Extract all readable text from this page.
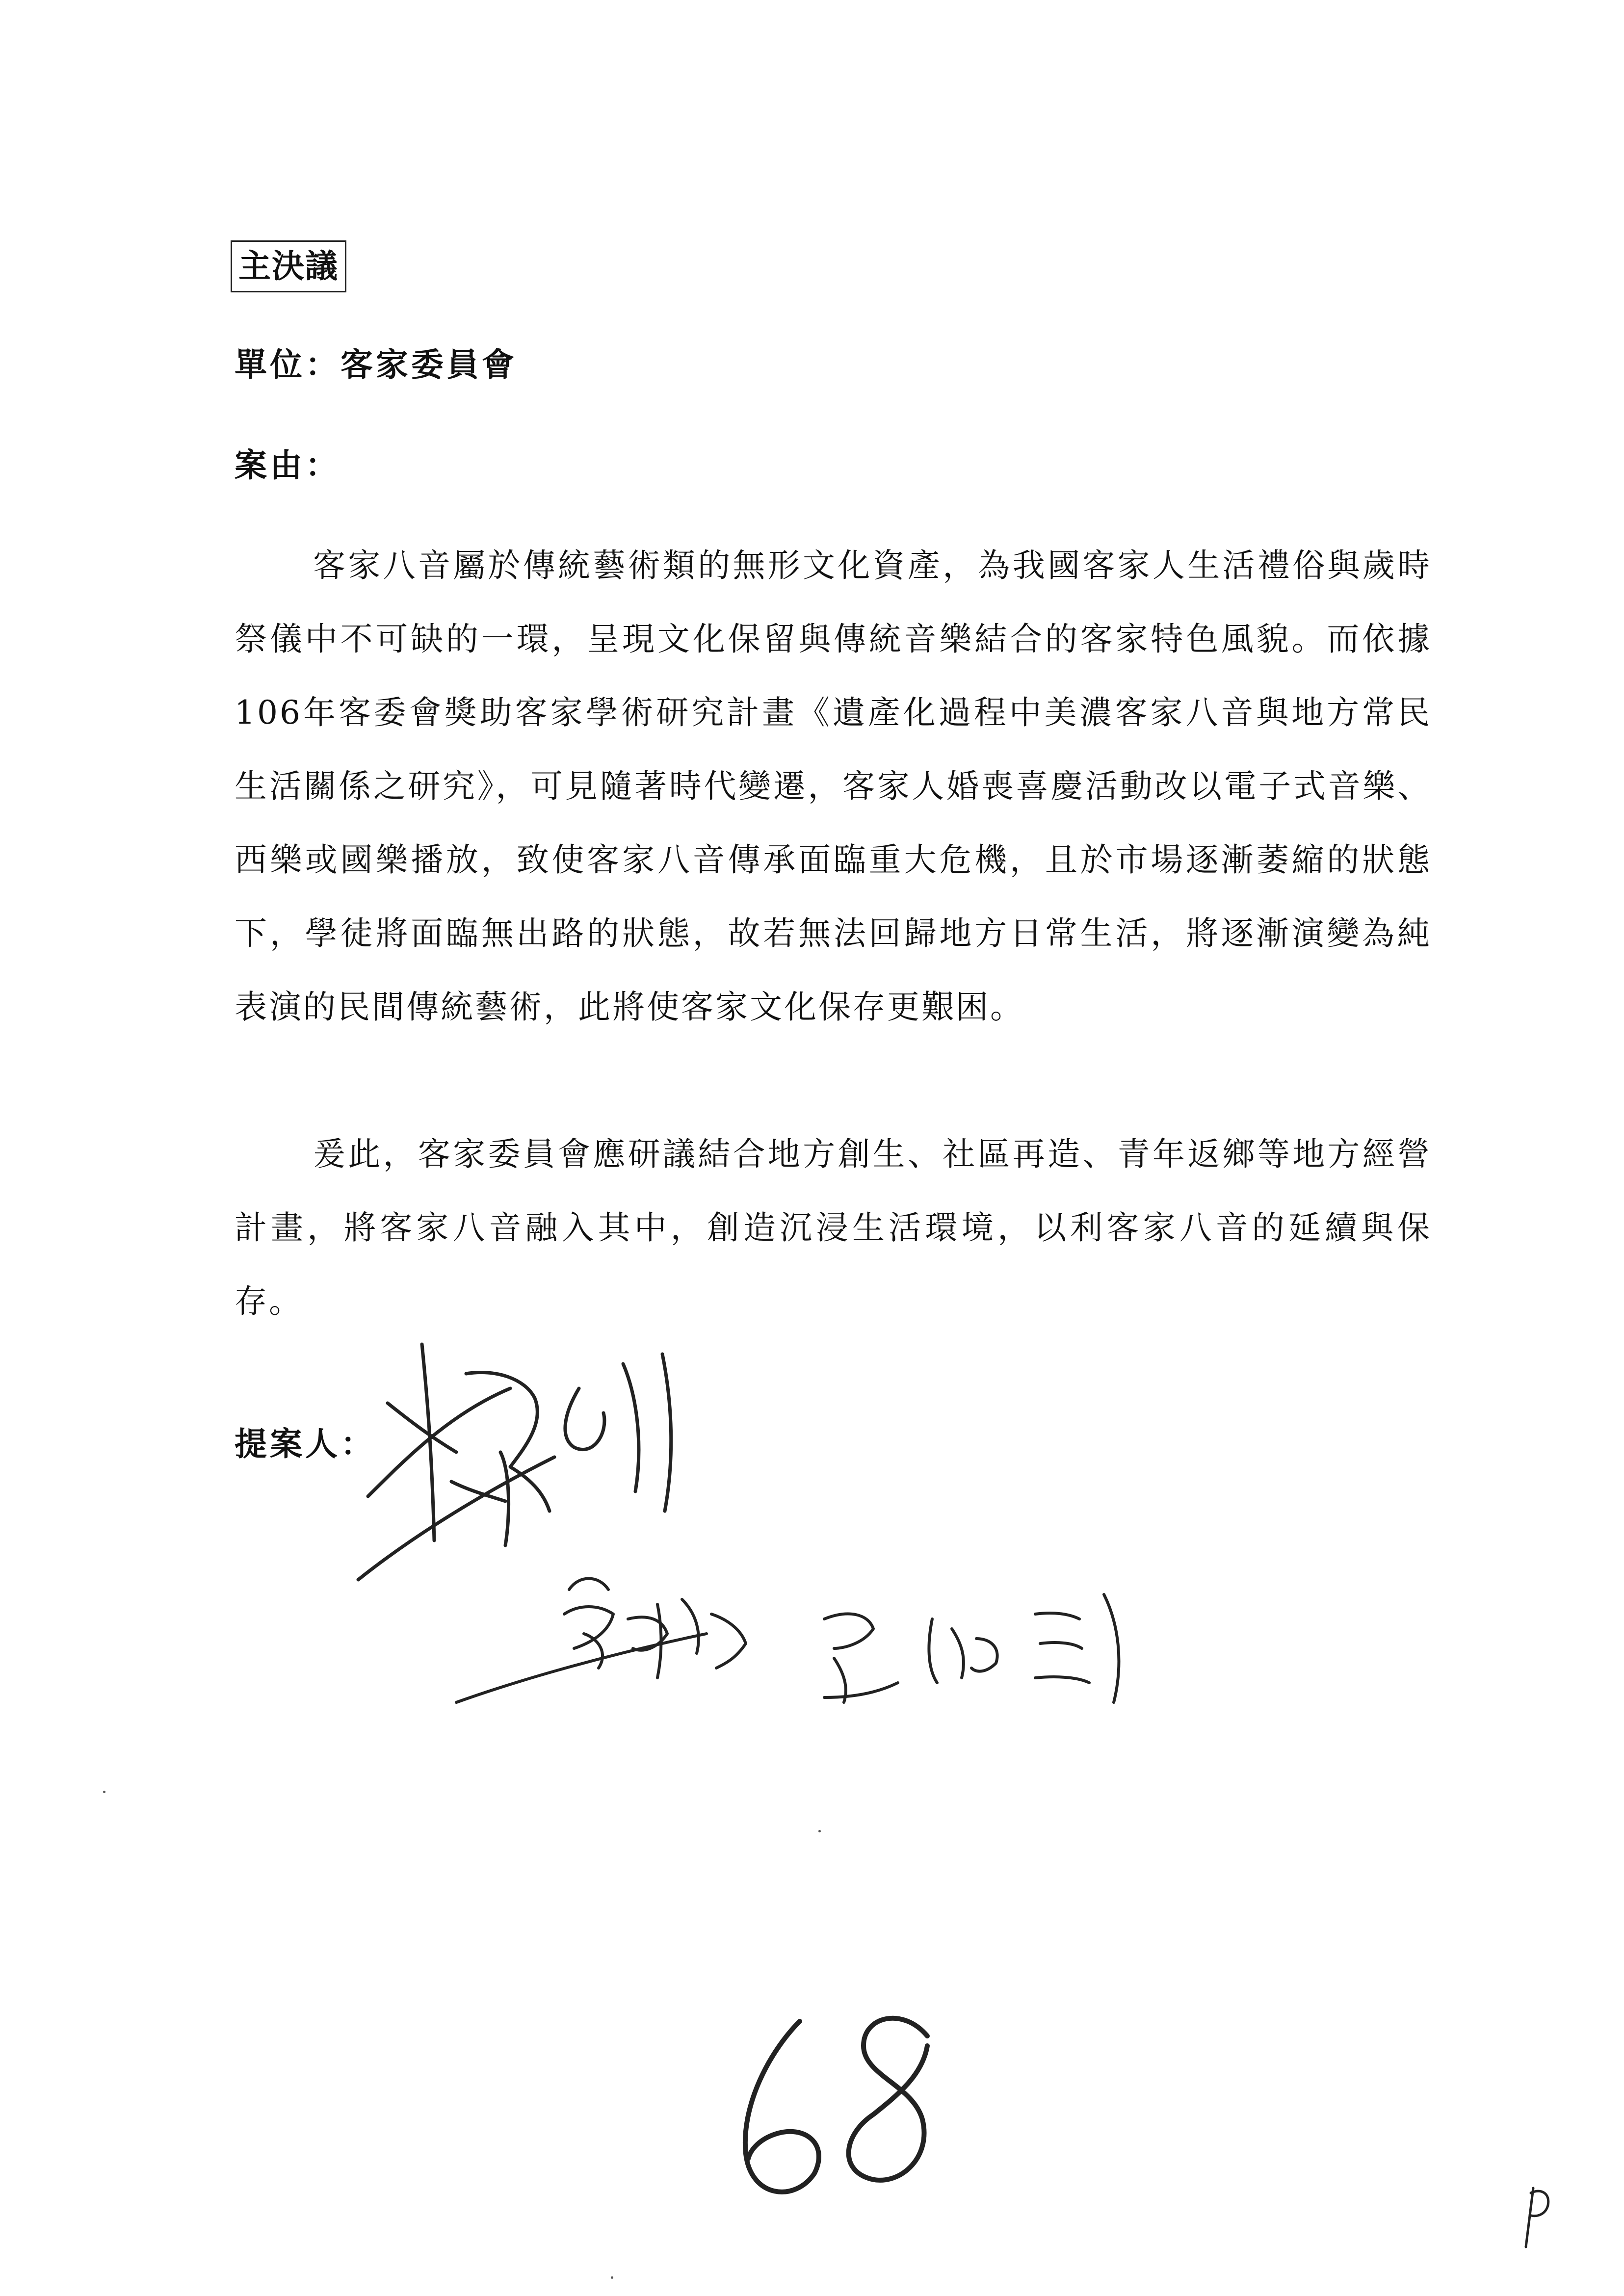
主決議
單位：客家委員會
案由：

客家八音屬於傳統藝術類的無形文化資產，為我國客家人生活禮俗與歲時祭儀中不可缺的一環，呈現文化保留與傳統音樂結合的客家特色風貌。而依據106年客委會獎助客家學術研究計畫《遺產化過程中美濃客家八音與地方常民生活關係之研究》，可見隨著時代變遷，客家人婚喪喜慶活動改以電子式音樂、西樂或國樂播放，致使客家八音傳承面臨重大危機，且於市場逐漸萎縮的狀態下，學徒將面臨無出路的狀態，故若無法回歸地方日常生活，將逐漸演變為純表演的民間傳統藝術，此將使客家文化保存更艱困。

爰此，客家委員會應研議結合地方創生、社區再造、青年返鄉等地方經營計畫，將客家八音融入其中，創造沉浸生活環境，以利客家八音的延續與保存。

提案人：
